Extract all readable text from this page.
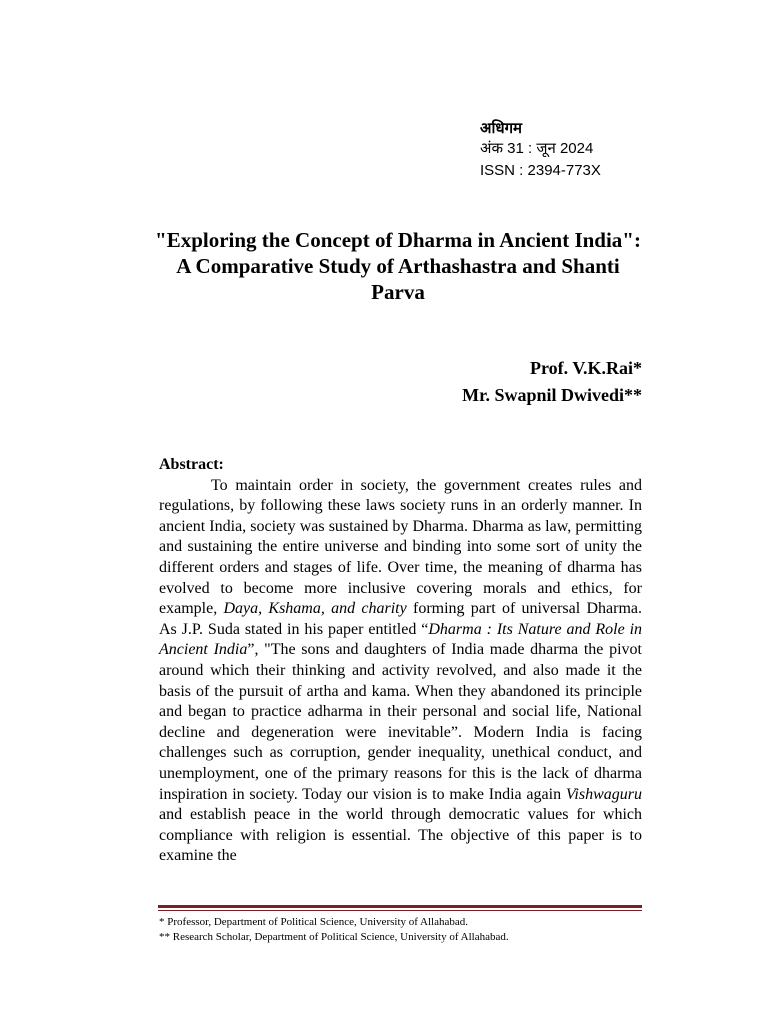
अधिगम
अंक 31 : जून 2024
ISSN : 2394-773X
"Exploring the Concept of Dharma in Ancient India": A Comparative Study of Arthashastra and Shanti Parva
Prof. V.K.Rai*
Mr. Swapnil Dwivedi**
Abstract:

To maintain order in society, the government creates rules and regulations, by following these laws society runs in an orderly manner. In ancient India, society was sustained by Dharma. Dharma as law, permitting and sustaining the entire universe and binding into some sort of unity the different orders and stages of life. Over time, the meaning of dharma has evolved to become more inclusive covering morals and ethics, for example, Daya, Kshama, and charity forming part of universal Dharma. As J.P. Suda stated in his paper entitled “Dharma : Its Nature and Role in Ancient India”, "The sons and daughters of India made dharma the pivot around which their thinking and activity revolved, and also made it the basis of the pursuit of artha and kama. When they abandoned its principle and began to practice adharma in their personal and social life, National decline and degeneration were inevitable”. Modern India is facing challenges such as corruption, gender inequality, unethical conduct, and unemployment, one of the primary reasons for this is the lack of dharma inspiration in society. Today our vision is to make India again Vishwaguru and establish peace in the world through democratic values for which compliance with religion is essential. The objective of this paper is to examine the

* Professor, Department of Political Science, University of Allahabad.
** Research Scholar, Department of Political Science, University of Allahabad.
